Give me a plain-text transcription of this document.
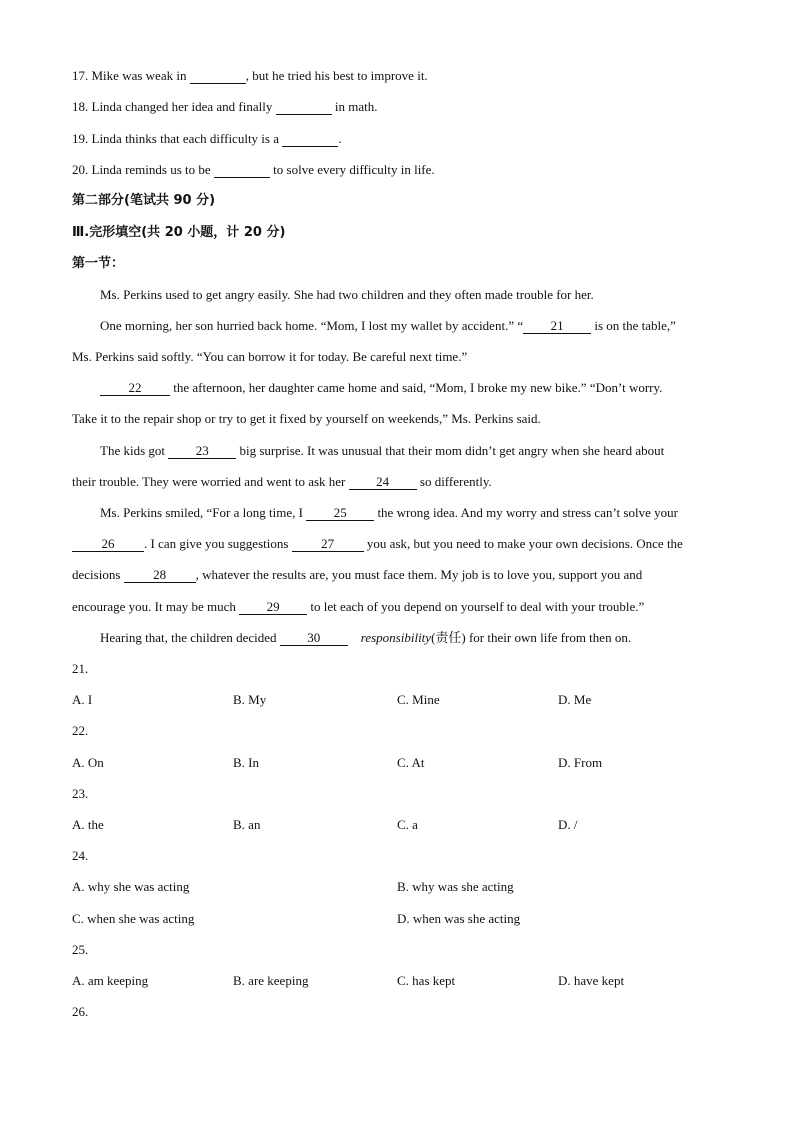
17. Mike was weak in	, but he tried his best to improve it.
18. Linda changed her idea and finally	in math.
19. Linda thinks that each difficulty is a	.
20. Linda reminds us to be	to solve every difficulty in life.
第二部分(笔试共 90 分)
Ⅲ.完形填空(共 20 小题，计 20 分)
第一节：
Ms. Perkins used to get angry easily. She had two children and they often made trouble for her.
One morning, her son hurried back home. “Mom, I lost my wallet by accident.” “ 21 is on the table,”
Ms. Perkins said softly. “You can borrow it for today. Be careful next time.”
22 the afternoon, her daughter came home and said, “Mom, I broke my new bike.” “Don’t worry.
Take it to the repair shop or try to get it fixed by yourself on weekends,” Ms. Perkins said.
The kids got 23 big surprise. It was unusual that their mom didn’t get angry when she heard about
their trouble. They were worried and went to ask her 24 so differently.
Ms. Perkins smiled, “For a long time, I 25 the wrong idea. And my worry and stress can’t solve your
26 . I can give you suggestions 27 you ask, but you need to make your own decisions. Once the
decisions 28 , whatever the results are, you must face them. My job is to love you, support you and
encourage you. It may be much 29 to let each of you depend on yourself to deal with your trouble.”
Hearing that, the children decided 30	responsibility(责任) for their own life from then on.
21.
A. I	B. My	C. Mine	D. Me
22.
A. On	B. In	C. At	D. From
23.
A. the	B. an	C. a	D. /
24.
A. why she was acting	B. why was she acting
C. when she was acting	D. when was she acting
25.
A. am keeping	B. are keeping	C. has kept	D. have kept
26.
